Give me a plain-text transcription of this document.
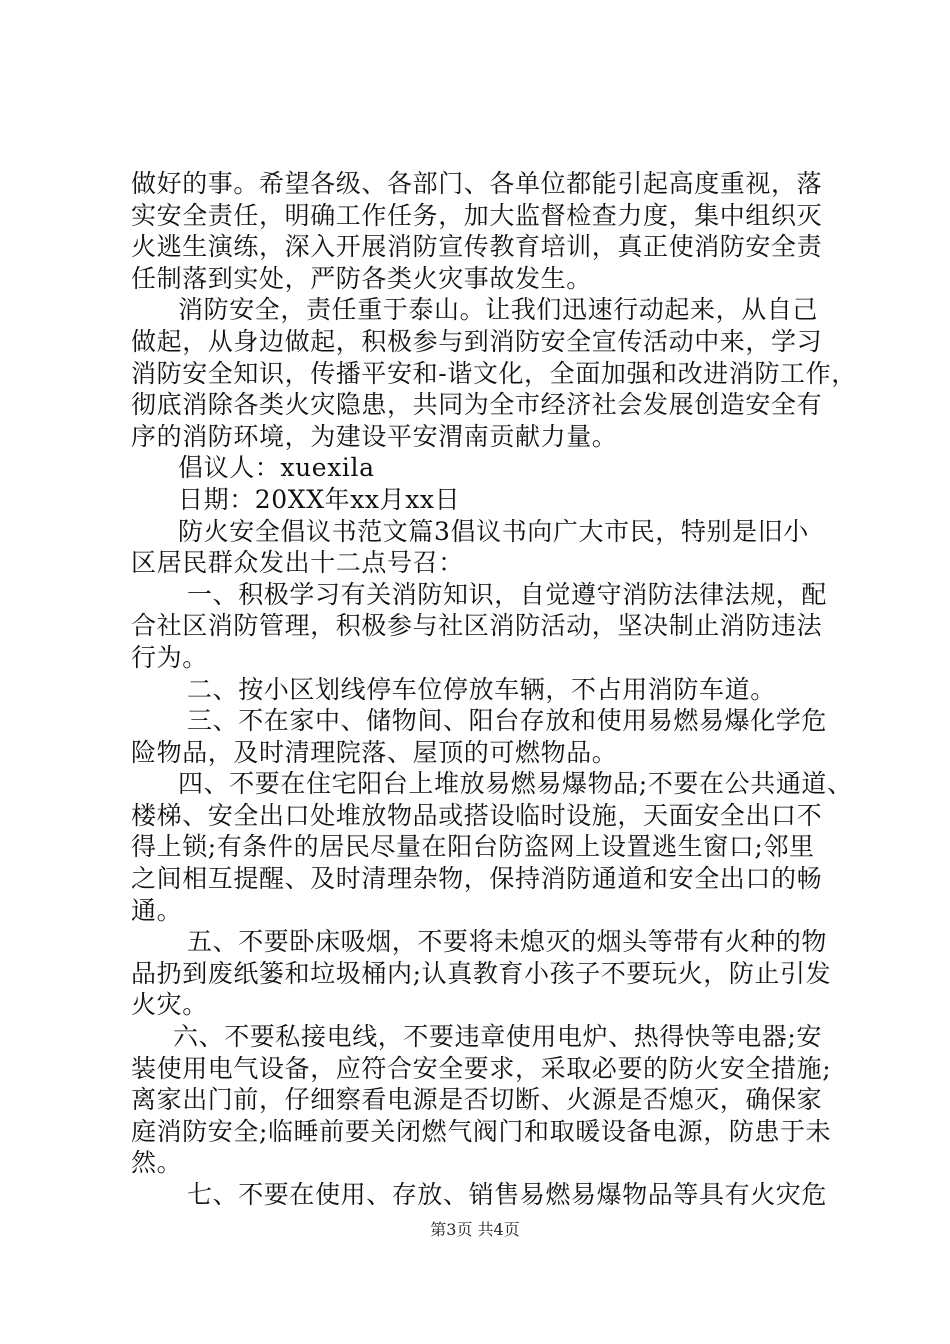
做好的事。希望各级、各部门、各单位都能引起高度重视，落
实安全责任，明确工作任务，加大监督检查力度，集中组织灭
火逃生演练，深入开展消防宣传教育培训，真正使消防安全责
任制落到实处，严防各类火灾事故发生。
消防安全，责任重于泰山。让我们迅速行动起来，从自己
做起，从身边做起，积极参与到消防安全宣传活动中来，学习
消防安全知识，传播平安和-谐文化，全面加强和改进消防工作，
彻底消除各类火灾隐患，共同为全市经济社会发展创造安全有
序的消防环境，为建设平安渭南贡献力量。
倡议人：xuexila
日期：20XX年xx月xx日
防火安全倡议书范文篇3倡议书向广大市民，特别是旧小
区居民群众发出十二点号召：
一、积极学习有关消防知识，自觉遵守消防法律法规，配
合社区消防管理，积极参与社区消防活动，坚决制止消防违法
行为。
二、按小区划线停车位停放车辆，不占用消防车道。
三、不在家中、储物间、阳台存放和使用易燃易爆化学危
险物品，及时清理院落、屋顶的可燃物品。
四、不要在住宅阳台上堆放易燃易爆物品;不要在公共通道、
楼梯、安全出口处堆放物品或搭设临时设施，天面安全出口不
得上锁;有条件的居民尽量在阳台防盗网上设置逃生窗口;邻里
之间相互提醒、及时清理杂物，保持消防通道和安全出口的畅
通。
五、不要卧床吸烟，不要将未熄灭的烟头等带有火种的物
品扔到废纸篓和垃圾桶内;认真教育小孩子不要玩火，防止引发
火灾。
六、不要私接电线，不要违章使用电炉、热得快等电器;安
装使用电气设备，应符合安全要求，采取必要的防火安全措施;
离家出门前，仔细察看电源是否切断、火源是否熄灭，确保家
庭消防安全;临睡前要关闭燃气阀门和取暖设备电源，防患于未
然。
七、不要在使用、存放、销售易燃易爆物品等具有火灾危
第3页 共4页
